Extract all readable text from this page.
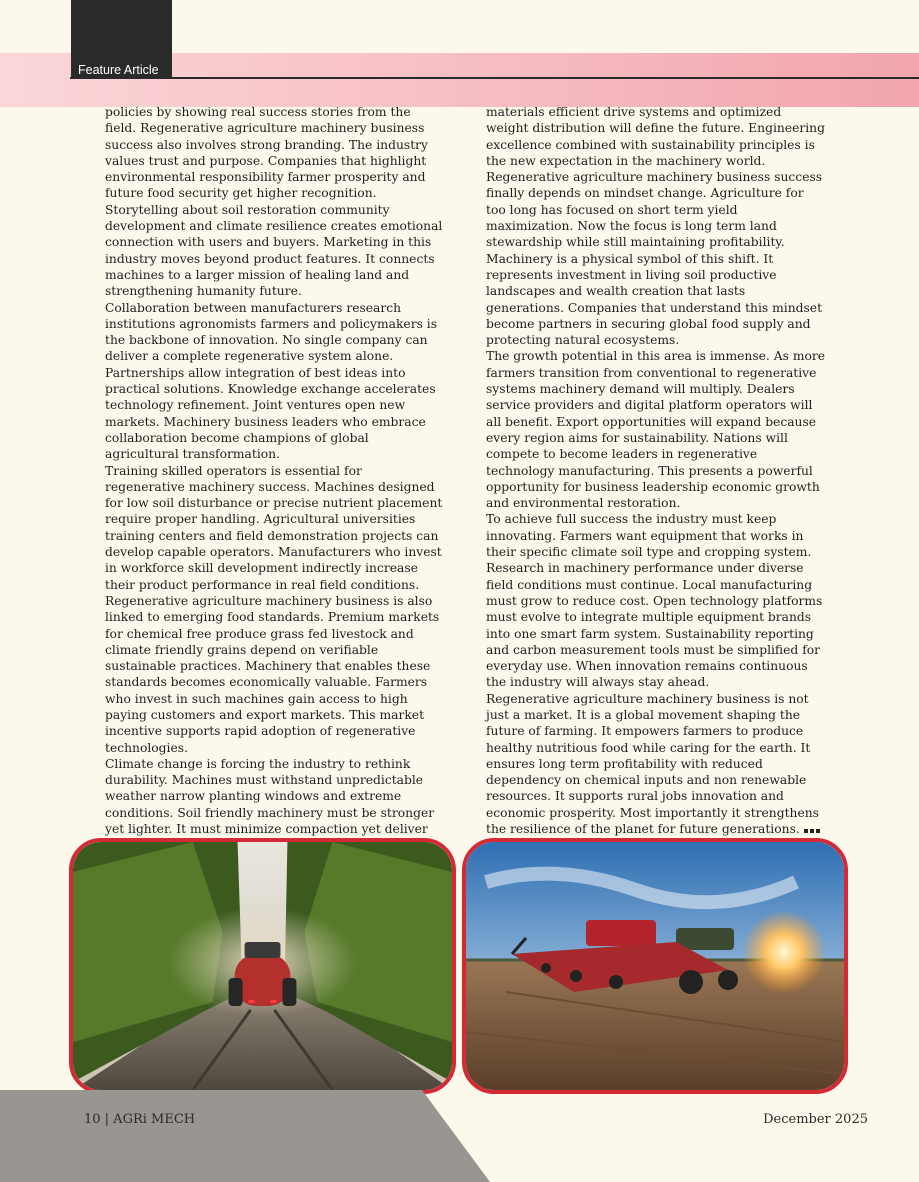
Feature Article

policies by showing real success stories from the field. Regenerative agriculture machinery business success also involves strong branding. The industry values trust and purpose. Companies that highlight environmental responsibility farmer prosperity and future food security get higher recognition. Storytelling about soil restoration community development and climate resilience creates emotional connection with users and buyers. Marketing in this industry moves beyond product features. It connects machines to a larger mission of healing land and strengthening humanity future.

Collaboration between manufacturers research institutions agronomists farmers and policymakers is the backbone of innovation. No single company can deliver a complete regenerative system alone. Partnerships allow integration of best ideas into practical solutions. Knowledge exchange accelerates technology refinement. Joint ventures open new markets. Machinery business leaders who embrace collaboration become champions of global agricultural transformation.

Training skilled operators is essential for regenerative machinery success. Machines designed for low soil disturbance or precise nutrient placement require proper handling. Agricultural universities training centers and field demonstration projects can develop capable operators. Manufacturers who invest in workforce skill development indirectly increase their product performance in real field conditions.

Regenerative agriculture machinery business is also linked to emerging food standards. Premium markets for chemical free produce grass fed livestock and climate friendly grains depend on verifiable sustainable practices. Machinery that enables these standards becomes economically valuable. Farmers who invest in such machines gain access to high paying customers and export markets. This market incentive supports rapid adoption of regenerative technologies.

Climate change is forcing the industry to rethink durability. Machines must withstand unpredictable weather narrow planting windows and extreme conditions. Soil friendly machinery must be stronger yet lighter. It must minimize compaction yet deliver

materials efficient drive systems and optimized weight distribution will define the future. Engineering excellence combined with sustainability principles is the new expectation in the machinery world.

Regenerative agriculture machinery business success finally depends on mindset change. Agriculture for too long has focused on short term yield maximization. Now the focus is long term land stewardship while still maintaining profitability. Machinery is a physical symbol of this shift. It represents investment in living soil productive landscapes and wealth creation that lasts generations. Companies that understand this mindset become partners in securing global food supply and protecting natural ecosystems.

The growth potential in this area is immense. As more farmers transition from conventional to regenerative systems machinery demand will multiply. Dealers service providers and digital platform operators will all benefit. Export opportunities will expand because every region aims for sustainability. Nations will compete to become leaders in regenerative technology manufacturing. This presents a powerful opportunity for business leadership economic growth and environmental restoration.

To achieve full success the industry must keep innovating. Farmers want equipment that works in their specific climate soil type and cropping system. Research in machinery performance under diverse field conditions must continue. Local manufacturing must grow to reduce cost. Open technology platforms must evolve to integrate multiple equipment brands into one smart farm system. Sustainability reporting and carbon measurement tools must be simplified for everyday use. When innovation remains continuous the industry will always stay ahead.

Regenerative agriculture machinery business is not just a market. It is a global movement shaping the future of farming. It empowers farmers to produce healthy nutritious food while caring for the earth. It ensures long term profitability with reduced dependency on chemical inputs and non renewable resources. It supports rural jobs innovation and economic prosperity. Most importantly it strengthens the resilience of the planet for future generations.

10 | AGRi MECH	December 2025
